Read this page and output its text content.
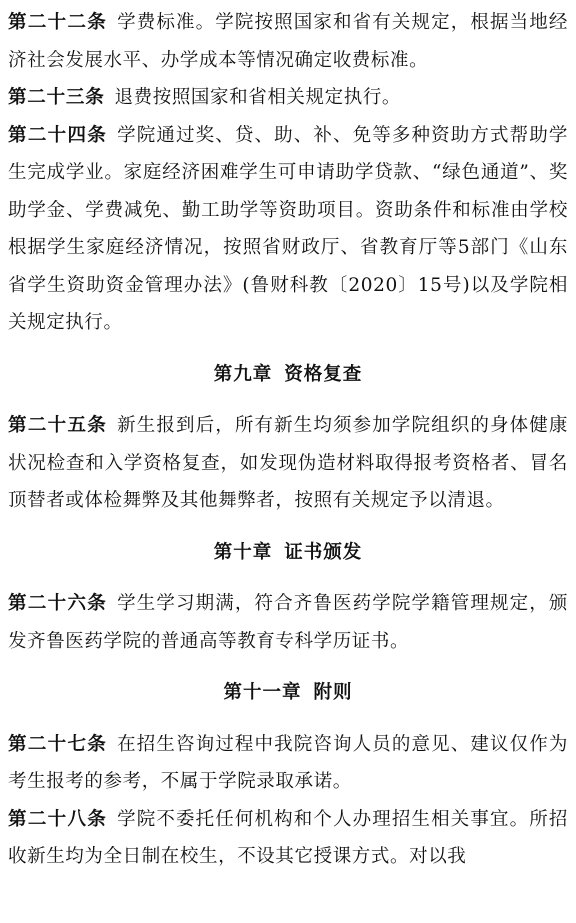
第二十二条 学费标准。学院按照国家和省有关规定，根据当地经济社会发展水平、办学成本等情况确定收费标准。

第二十三条 退费按照国家和省相关规定执行。

第二十四条 学院通过奖、贷、助、补、免等多种资助方式帮助学生完成学业。家庭经济困难学生可申请助学贷款、“绿色通道”、奖助学金、学费减免、勤工助学等资助项目。资助条件和标准由学校根据学生家庭经济情况，按照省财政厅、省教育厅等5部门《山东省学生资助资金管理办法》(鲁财科教〔2020〕15号)以及学院相关规定执行。

第九章 资格复查

第二十五条 新生报到后，所有新生均须参加学院组织的身体健康状况检查和入学资格复查，如发现伪造材料取得报考资格者、冒名顶替者或体检舞弊及其他舞弊者，按照有关规定予以清退。

第十章 证书颁发

第二十六条 学生学习期满，符合齐鲁医药学院学籍管理规定，颁发齐鲁医药学院的普通高等教育专科学历证书。

第十一章 附则

第二十七条 在招生咨询过程中我院咨询人员的意见、建议仅作为考生报考的参考，不属于学院录取承诺。

第二十八条 学院不委托任何机构和个人办理招生相关事宜。所招收新生均为全日制在校生，不设其它授课方式。对以我
